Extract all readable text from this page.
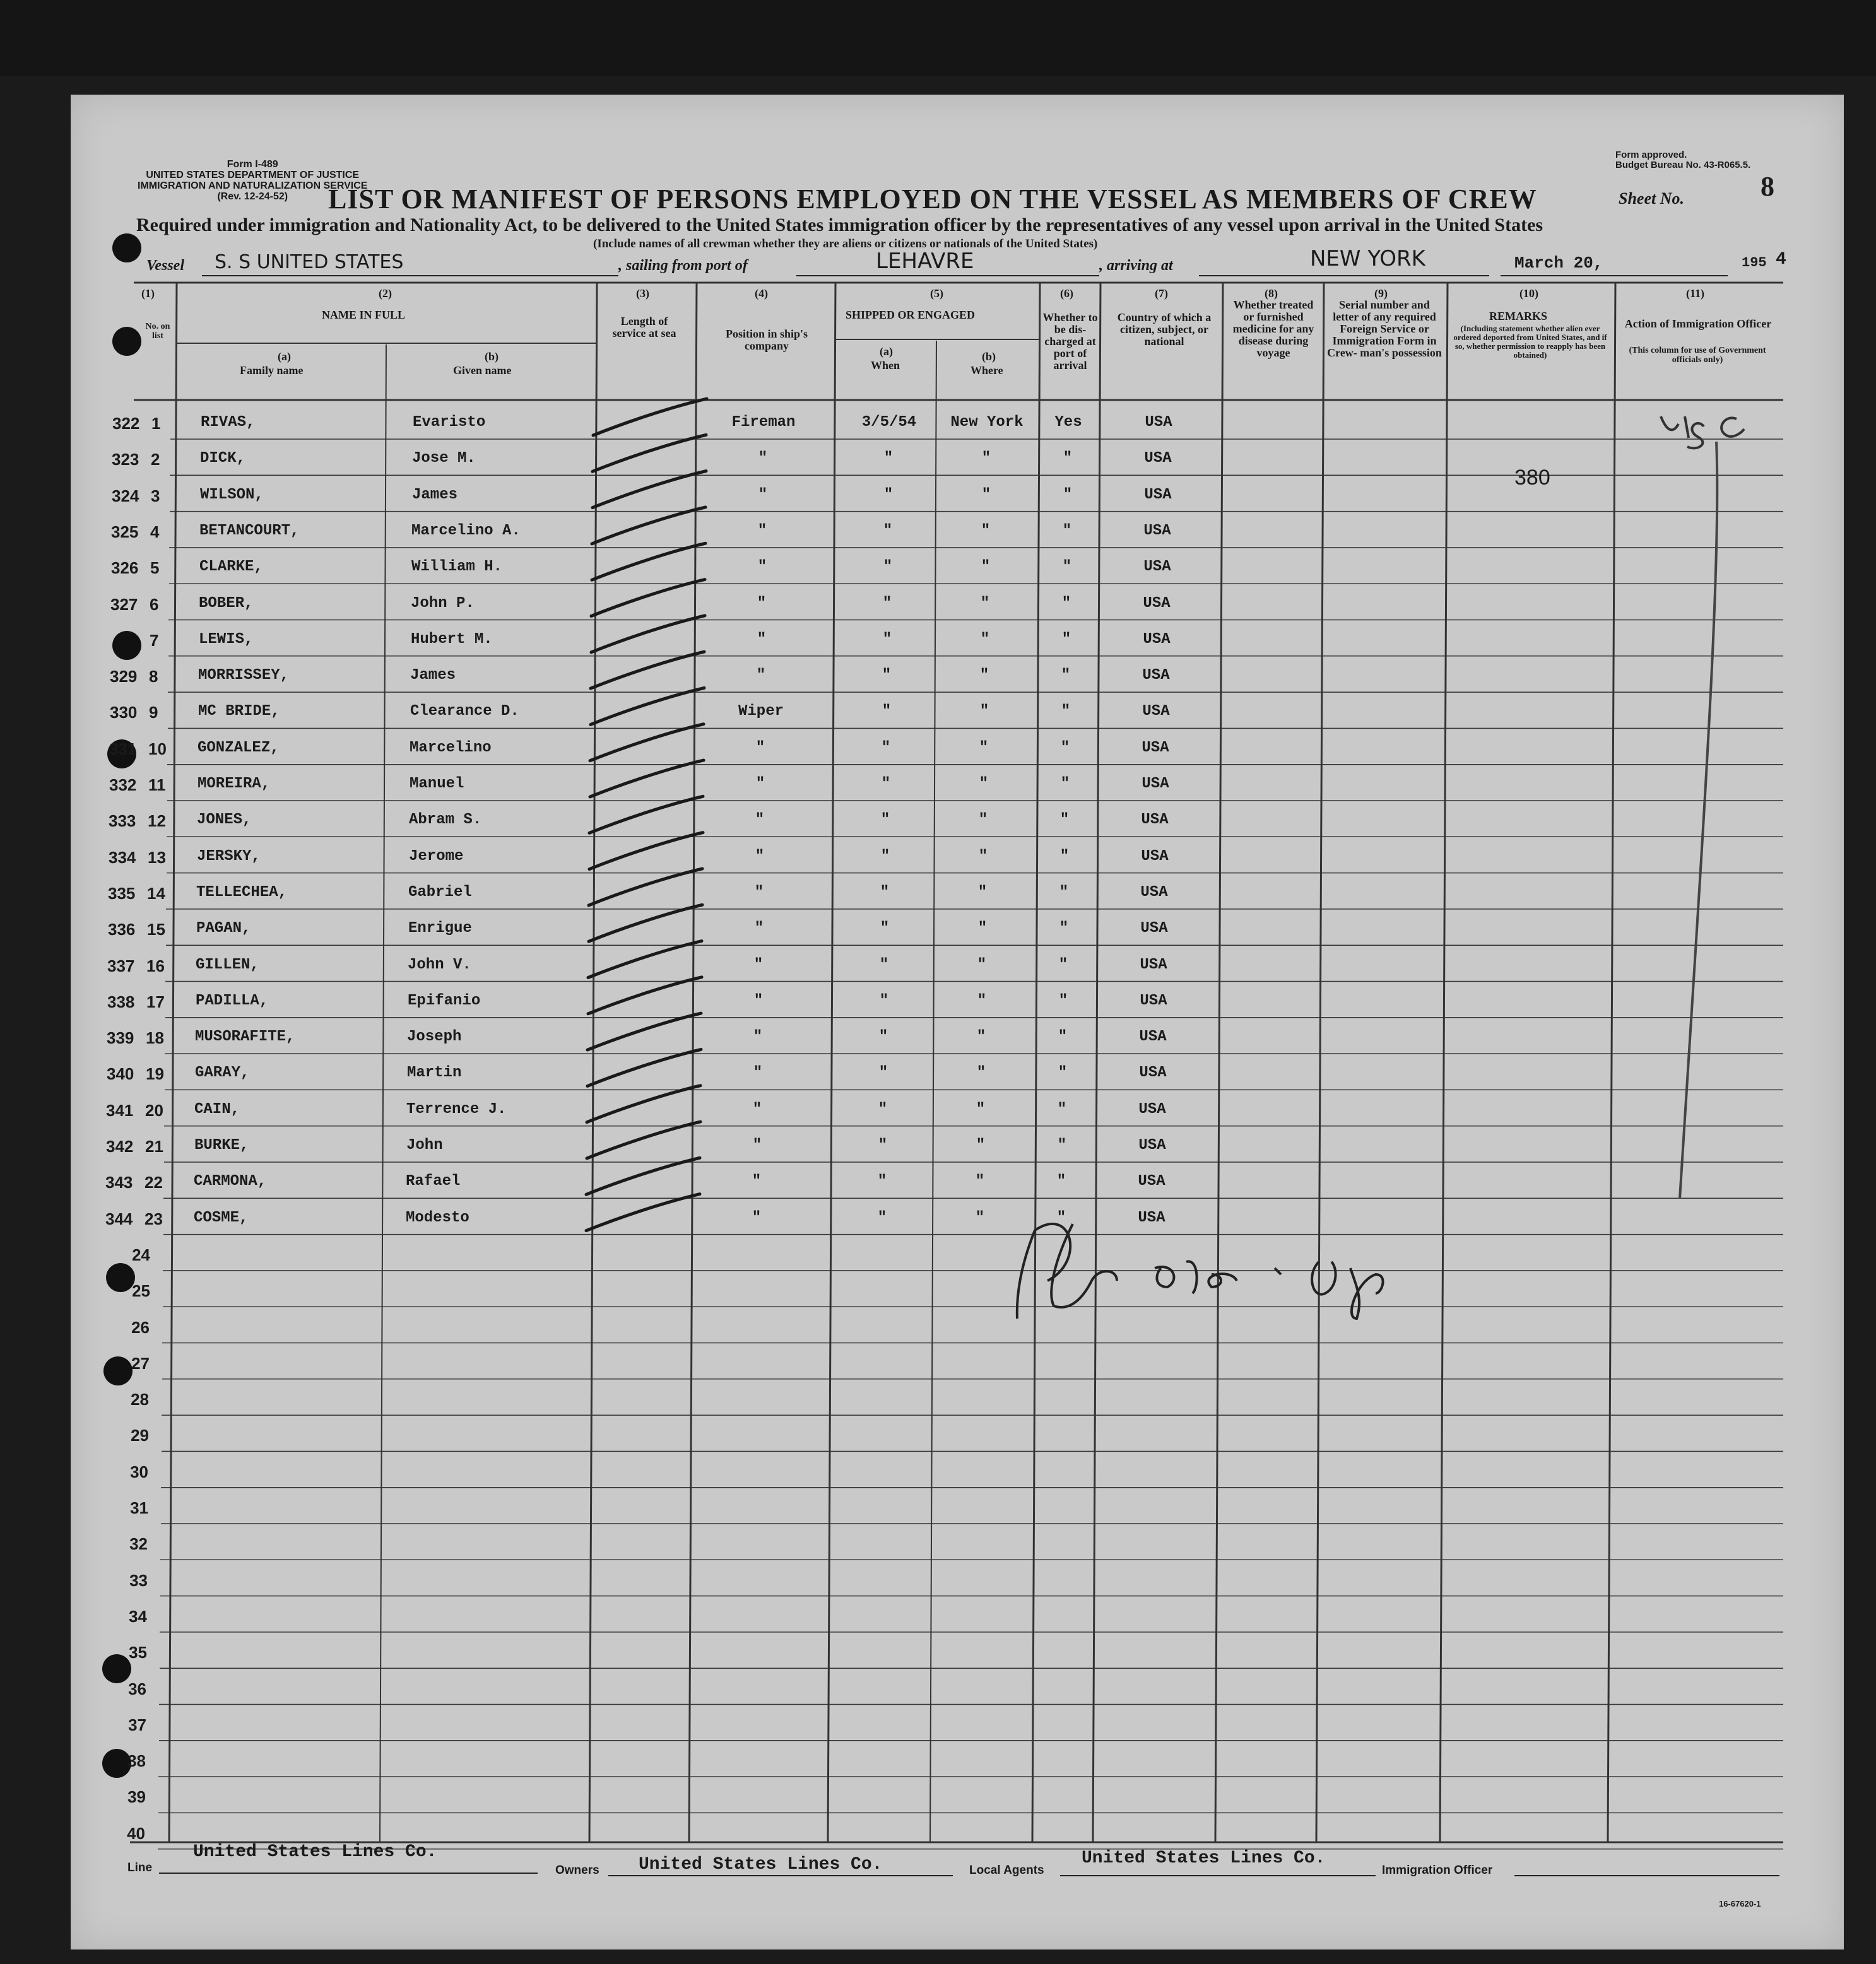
Form I-489
UNITED STATES DEPARTMENT OF JUSTICE
IMMIGRATION AND NATURALIZATION SERVICE
(Rev. 12-24-52)
Form approved.
Budget Bureau No. 43-R065.5.
LIST OR MANIFEST OF PERSONS EMPLOYED ON THE VESSEL AS MEMBERS OF CREW	Sheet No.	8
Required under immigration and Nationality Act, to be delivered to the United States immigration officer by the representatives of any vessel upon arrival in the United States
(Include names of all crewman whether they are aliens or citizens or nationals of the United States)
Vessel S. S UNITED STATES	, sailing from port of	LEHAVRE	, arriving at	NEW YORK	March 20,	195 4
(1)
No. on list
(2)
NAME IN FULL
(a)
Family name
(b)
Given name
(3)
Length of service at sea
(4)
Position in ship's company
(5)
SHIPPED OR ENGAGED
(a)
When
(b)
Where
(6)
Whether to be dis- charged at port of arrival
(7)
Country of which a citizen, subject, or national
(8)
Whether treated or furnished medicine for any disease during voyage
(9)
Serial number and letter of any required Foreign Service or Immigration Form in Crew- man's possession
(10)
REMARKS
(Including statement whether alien ever ordered deported from United States, and if so, whether permission to reapply has been obtained)
(11)
Action of Immigration Officer
(This column for use of Government officials only)
322 1	RIVAS,	Evaristo	Fireman	3/5/54	New York	Yes	USA
323 2	DICK,	Jose M.	"	"	"	"	USA
324 3	WILSON,	James	"	"	"	"	USA
325 4	BETANCOURT,	Marcelino A.	"	"	"	"	USA
326 5	CLARKE,	William H.	"	"	"	"	USA
327 6	BOBER,	John P.	"	"	"	"	USA
7	LEWIS,	Hubert M.	"	"	"	"	USA
329 8	MORRISSEY,	James	"	"	"	"	USA
330 9	MC BRIDE,	Clearance D.	Wiper	"	"	"	USA
331 10 GONZALEZ,	Marcelino	"	"	"	"	USA
332 11 MOREIRA,	Manuel	"	"	"	"	USA
333 12 JONES,	Abram S.	"	"	"	"	USA
334 13 JERSKY,	Jerome	"	"	"	"	USA
335 14 TELLECHEA,	Gabriel	"	"	"	"	USA
336 15 PAGAN,	Enrigue	"	"	"	"	USA
337 16 GILLEN,	John V.	"	"	"	"	USA
338 17 PADILLA,	Epifanio	"	"	"	"	USA
339 18 MUSORAFITE,	Joseph	"	"	"	"	USA
340 19 GARAY,	Martin	"	"	"	"	USA
341 20 CAIN,	Terrence J.	"	"	"	"	USA
342 21 BURKE,	John	"	"	"	"	USA
343 22 CARMONA,	Rafael	"	"	"	"	USA
344 23 COSME,	Modesto	"	"	"	"	USA
24
25
26
27
28
29
30
31
32
33
34
35
36
37
38
39
40
380
Line
United States Lines Co.
Owners United States Lines Co.	Local Agents
United States Lines Co.
Immigration Officer
16-67620-1
